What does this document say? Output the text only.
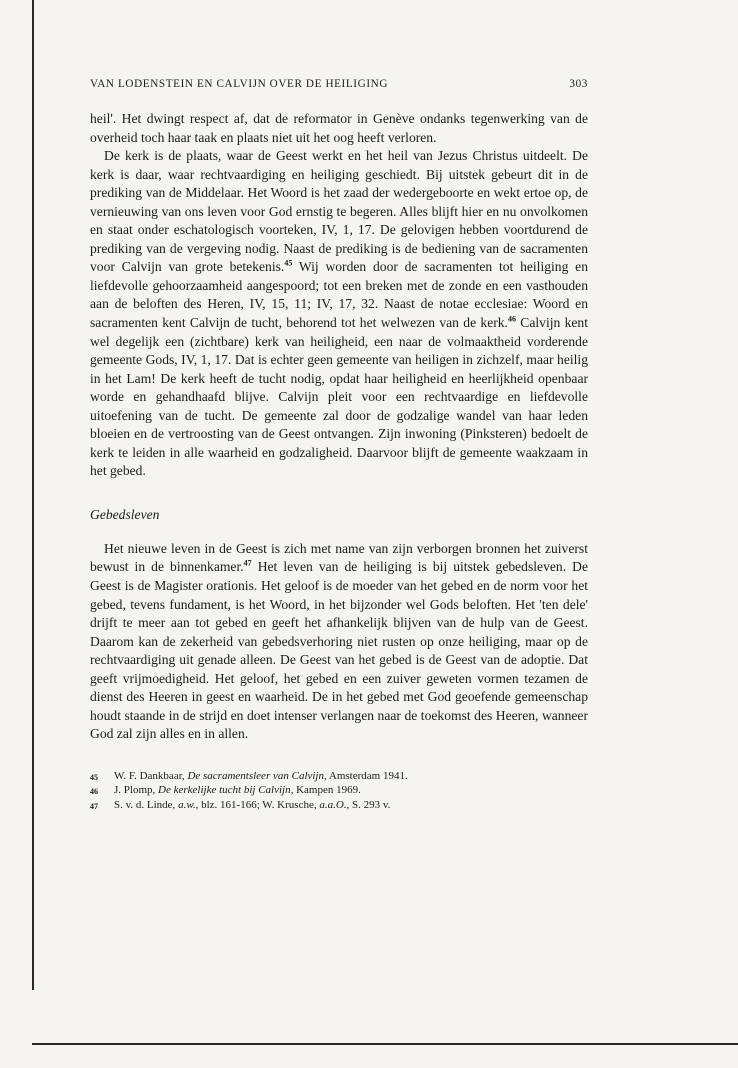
VAN LODENSTEIN EN CALVIJN OVER DE HEILIGING	303

heil'. Het dwingt respect af, dat de reformator in Genève ondanks tegenwerking van de overheid toch haar taak en plaats niet uit het oog heeft verloren.

De kerk is de plaats, waar de Geest werkt en het heil van Jezus Christus uitdeelt. De kerk is daar, waar rechtvaardiging en heiliging geschiedt. Bij uitstek gebeurt dit in de prediking van de Middelaar. Het Woord is het zaad der wedergeboorte en wekt ertoe op, de vernieuwing van ons leven voor God ernstig te begeren. Alles blijft hier en nu onvolkomen en staat onder eschatologisch voorteken, IV, 1, 17. De gelovigen hebben voortdurend de prediking van de vergeving nodig. Naast de prediking is de bediening van de sacramenten voor Calvijn van grote betekenis.$^{45}$ Wij worden door de sacramenten tot heiliging en liefdevolle gehoorzaamheid aangespoord; tot een breken met de zonde en een vasthouden aan de beloften des Heren, IV, 15, 11; IV, 17, 32. Naast de notae ecclesiae: Woord en sacramenten kent Calvijn de tucht, behorend tot het welwezen van de kerk.$^{46}$ Calvijn kent wel degelijk een (zichtbare) kerk van heiligheid, een naar de volmaaktheid vorderende gemeente Gods, IV, 1, 17. Dat is echter geen gemeente van heiligen in zichzelf, maar heilig in het Lam! De kerk heeft de tucht nodig, opdat haar heiligheid en heerlijkheid openbaar worde en gehandhaafd blijve. Calvijn pleit voor een rechtvaardige en liefdevolle uitoefening van de tucht. De gemeente zal door de godzalige wandel van haar leden bloeien en de vertroosting van de Geest ontvangen. Zijn inwoning (Pinksteren) bedoelt de kerk te leiden in alle waarheid en godzaligheid. Daarvoor blijft de gemeente waakzaam in het gebed.

Gebedsleven

Het nieuwe leven in de Geest is zich met name van zijn verborgen bronnen het zuiverst bewust in de binnenkamer.$^{47}$ Het leven van de heiliging is bij uitstek gebedsleven. De Geest is de Magister orationis. Het geloof is de moeder van het gebed en de norm voor het gebed, tevens fundament, is het Woord, in het bijzonder wel Gods beloften. Het 'ten dele' drijft te meer aan tot gebed en geeft het afhankelijk blijven van de hulp van de Geest. Daarom kan de zekerheid van gebedsverhoring niet rusten op onze heiliging, maar op de rechtvaardiging uit genade alleen. De Geest van het gebed is de Geest van de adoptie. Dat geeft vrijmoedigheid. Het geloof, het gebed en een zuiver geweten vormen tezamen de dienst des Heeren in geest en waarheid. De in het gebed met God geoefende gemeenschap houdt staande in de strijd en doet intenser verlangen naar de toekomst des Heeren, wanneer God zal zijn alles en in allen.

45	W. F. Dankbaar, De sacramentsleer van Calvijn, Amsterdam 1941.
46	J. Plomp, De kerkelijke tucht bij Calvijn, Kampen 1969.
47	S. v. d. Linde, a.w., blz. 161-166; W. Krusche, a.a.O., S. 293 v.
